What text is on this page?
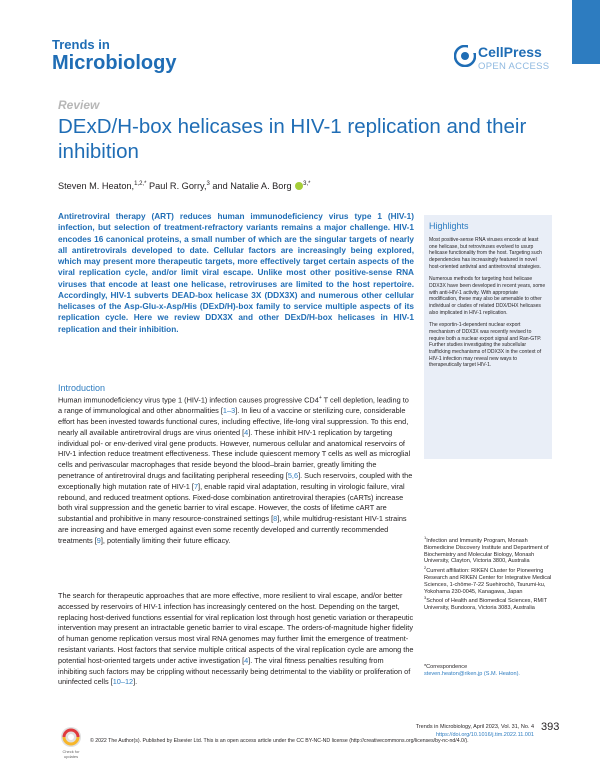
Trends in
Microbiology	CellPress
OPEN ACCESS
Review
DExD/H-box helicases in HIV-1 replication and their inhibition
Steven M. Heaton,$^{1,2,*}$ Paul R. Gorry,$^3$ and Natalie A. Borg $^{3,*}$
Antiretroviral therapy (ART) reduces human immunodeficiency virus type 1 (HIV-1) infection, but selection of treatment-refractory variants remains a major challenge. HIV-1 encodes 16 canonical proteins, a small number of which are the singular targets of nearly all antiretrovirals developed to date. Cellular factors are increasingly being explored, which may present more therapeutic targets, more effectively target certain aspects of the viral replication cycle, and/or limit viral escape. Unlike most other positive-sense RNA viruses that encode at least one helicase, retroviruses are limited to the host repertoire. Accordingly, HIV-1 subverts DEAD-box helicase 3X (DDX3X) and numerous other cellular helicases of the Asp-Glu-x-Asp/His (DExD/H)-box family to service multiple aspects of its replication cycle. Here we review DDX3X and other DExD/H-box helicases in HIV-1 replication and their inhibition.
Highlights

Most positive-sense RNA viruses encode at least one helicase, but retroviruses evolved to usurp helicase functionality from the host. Targeting such dependencies has increasingly featured in novel host-oriented antiviral and antiretroviral strategies.

Numerous methods for targeting host helicase DDX3X have been developed in recent years, some with anti-HIV-1 activity. With appropriate modification, these may also be amenable to other individual or clades of related DDX/DHX helicases also implicated in HIV-1 replication.

The exportin-1-dependent nuclear export mechanism of DDX3X was recently revised to require both a nuclear export signal and Ran-GTP. Further studies investigating the subcellular trafficking mechanisms of DDX3X in the context of HIV-1 infection may reveal new ways to therapeutically target HIV-1.

Introduction

Human immunodeficiency virus type 1 (HIV-1) infection causes progressive CD4+ T cell depletion, leading to a range of immunological and other abnormalities [1–3]. In lieu of a vaccine or sterilizing cure, considerable effort has been invested towards functional cures, including effective, life-long viral suppression. To this end, nearly all available antiretroviral drugs are virus oriented [4]. These inhibit HIV-1 replication by targeting individual pol- or env-derived viral gene products. However, numerous cellular and anatomical reservoirs of HIV-1 infection reduce treatment effectiveness. These include quiescent memory T cells as well as microglial cells and perivascular macrophages that reside beyond the blood–brain barrier, greatly limiting the penetrance of antiretroviral drugs and facilitating peripheral reseeding [5,6]. Such reservoirs, coupled with the exceptionally high mutation rate of HIV-1 [7], enable rapid viral adaptation, resulting in virologic failure, viral rebound, and reduced treatment options. Fixed-dose combination antiretroviral therapies (cARTs) increase both viral suppression and the genetic barrier to viral escape. However, the costs of lifetime cART are substantial and prohibitive in many resource-constrained settings [8], while multidrug-resistant HIV-1 strains are increasing and have emerged against even some recently developed and currently recommended treatments [9], potentially limiting their future efficacy.

The search for therapeutic approaches that are more effective, more resilient to viral escape, and/or better accessed by reservoirs of HIV-1 infection has increasingly centered on the host. Depending on the target, replacing host-derived functions essential for viral replication lost through host genetic variation or therapeutic intervention may present an intractable genetic barrier to viral escape. The orders-of-magnitude higher fidelity of human genome replication versus most viral RNA genomes may further limit the emergence of treatment-resistant variants. Host factors that service multiple critical aspects of the viral replication cycle are among the potential host-oriented targets under active investigation [4]. The viral fitness penalties resulting from inhibiting such factors may be crippling without necessarily being detrimental to the viability or proliferation of uninfected cells [10–12].

$^1$Infection and Immunity Program, Monash Biomedicine Discovery Institute and Department of Biochemistry and Molecular Biology, Monash University, Clayton, Victoria 3800, Australia
$^2$Current affiliation: RIKEN Cluster for Pioneering Research and RIKEN Center for Integrative Medical Sciences, 1-chōme-7-22 Suehirochō, Tsurumi-ku, Yokohama 230-0045, Kanagawa, Japan
$^3$School of Health and Biomedical Sciences, RMIT University, Bundoora, Victoria 3083, Australia
*Correspondence
steven.heaton@riken.jp (S.M. Heaton).
Trends in Microbiology, April 2023, Vol. 31, No. 4
https://doi.org/10.1016/j.tim.2022.11.001
393
Check for updates
© 2022 The Author(s). Published by Elsevier Ltd. This is an open access article under the CC BY-NC-ND license (http://creativecommons.org/licenses/by-nc-nd/4.0/).
